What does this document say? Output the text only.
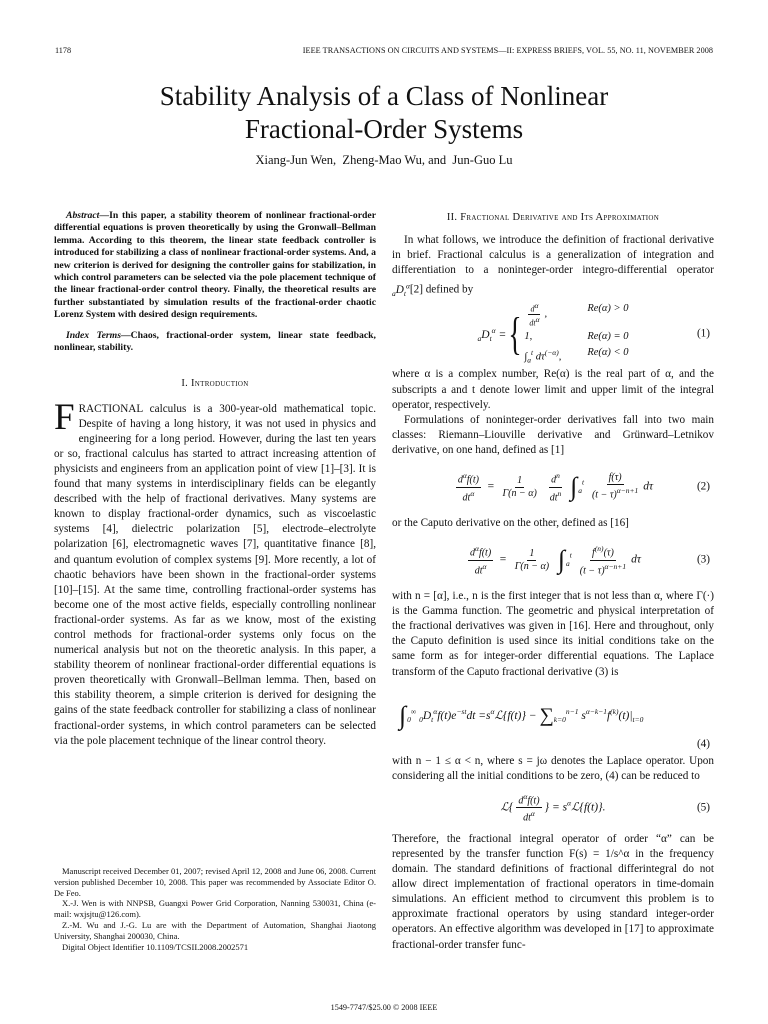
1178	IEEE TRANSACTIONS ON CIRCUITS AND SYSTEMS—II: EXPRESS BRIEFS, VOL. 55, NO. 11, NOVEMBER 2008
Stability Analysis of a Class of Nonlinear
Fractional-Order Systems
Xiang-Jun Wen,  Zheng-Mao Wu, and  Jun-Guo Lu
Abstract—In this paper, a stability theorem of nonlinear fractional-order differential equations is proven theoretically by using the Gronwall–Bellman lemma. According to this theorem, the linear state feedback controller is introduced for stabilizing a class of nonlinear fractional-order systems. And, a new criterion is derived for designing the controller gains for stabilization, in which control parameters can be selected via the pole placement technique of the linear fractional-order control theory. Finally, the theoretical results are further substantiated by simulation results of the fractional-order chaotic Lorenz System with desired design requirements.
Index Terms—Chaos, fractional-order system, linear state feedback, nonlinear, stability.
I. Introduction

FRACTIONAL calculus is a 300-year-old mathematical topic. Despite of having a long history, it was not used in physics and engineering for a long period. However, during the last ten years or so, fractional calculus has started to attract increasing attention of physicists and engineers from an application point of view [1]–[3]. It is found that many systems in interdisciplinary fields can be elegantly described with the help of fractional derivatives. Many systems are known to display fractional-order dynamics, such as viscoelastic systems [4], dielectric polarization [5], electrode–electrolyte polarization [6], electromagnetic waves [7], quantitative finance [8], and quantum evolution of complex systems [9]. More recently, a lot of chaotic behaviors have been shown in the fractional-order systems [10]–[15]. At the same time, controlling fractional-order systems has become one of the most active fields, especially controlling nonlinear fractional-order systems. As far as we know, most of the existing control methods for fractional-order systems only focus on the numerical analysis but not on the theoretic analysis. In this paper, a stability theorem of nonlinear fractional-order differential equations is proven theoretically with Gronwall–Bellman lemma. Then, based on this stability theorem, a simple criterion is derived for designing the gains of the state feedback controller for stabilizing a class of nonlinear fractional-order systems, in which control parameters can be selected via the pole placement technique of the linear control theory.

Manuscript received December 01, 2007; revised April 12, 2008 and June 06, 2008. Current version published December 10, 2008. This paper was recommended by Associate Editor O. De Feo.

X.-J. Wen is with NNPSB, Guangxi Power Grid Corporation, Nanning 530031, China (e-mail: wxjsjtu@126.com).

Z.-M. Wu and J.-G. Lu are with the Department of Automation, Shanghai Jiaotong University, Shanghai 200030, China.

Digital Object Identifier 10.1109/TCSII.2008.2002571

II. Fractional Derivative and Its Approximation

In what follows, we introduce the definition of fractional derivative in brief. Fractional calculus is a generalization of integration and differentiation to a noninteger-order integro-differential operator $_aD_t^\alpha[2]$ defined by

$_aD_t^\alpha$ = { $\frac{d^\alpha}{dt^\alpha}$ ,
Re(α) > 0
1,	Re(α) = 0
$\int_a^t$ $d\tau^{(-\alpha)}$, Re(α) < 0
(1)

where α is a complex number, Re(α) is the real part of α, and the subscripts a and t denote lower limit and upper limit of the integral operator, respectively.

Formulations of noninteger-order derivatives fall into two main classes: Riemann–Liouville derivative and Grünward–Letnikov derivative, on one hand, defined as [1]

$\frac{d^\alpha f(t)}{dt^\alpha} = \frac{1}{\Gamma(n - \alpha)}$
$\frac{d^n}{dt^n} \int_a^t \frac{f(\tau)}{(t - \tau)^{\alpha-n+1}}$ dτ	(2)

or the Caputo derivative on the other, defined as [16]

$\frac{d^\alpha f(t)}{dt^\alpha} = \frac{1}{\Gamma(n - \alpha)} \int_a^t \frac{f^{(n)}(\tau)}{(t - \tau)^{\alpha-n+1}}$ dτ	(3)

with n = [α], i.e., n is the first integer that is not less than α, where Γ(·) is the Gamma function. The geometric and physical interpretation of the fractional derivatives was given in [16]. Here and throughout, only the Caputo definition is used since its initial conditions take on the same form as for integer-order differential equations. The Laplace transform of the Caputo fractional derivative (3) is

$\int_0^\infty$ $_0D_t^\alpha f(t)e^{-st}dt$ $=s^\alpha ℒ\{f(t)\} - \sum_{k=0}^{n-1}$ $s^{\alpha-k-1}f^{(k)}(t)|_{t=0}$
(4)

with n − 1 ≤ α < n, where s = jω denotes the Laplace operator. Upon considering all the initial conditions to be zero, (4) can be reduced to

ℒ{ $\frac{d^\alpha f(t)}{dt^\alpha}$ } = $s^\alpha ℒ\{f(t)\}$.	(5)

Therefore, the fractional integral operator of order “α” can be represented by the transfer function F(s) = 1/s^α in the frequency domain. The standard definitions of fractional differintegral do not allow direct implementation of fractional operators in time-domain simulations. An efficient method to circumvent this problem is to approximate fractional operators by using standard integer-order operators. An effective algorithm was developed in [17] to approximate fractional-order transfer func-

1549-7747/$25.00 © 2008 IEEE
